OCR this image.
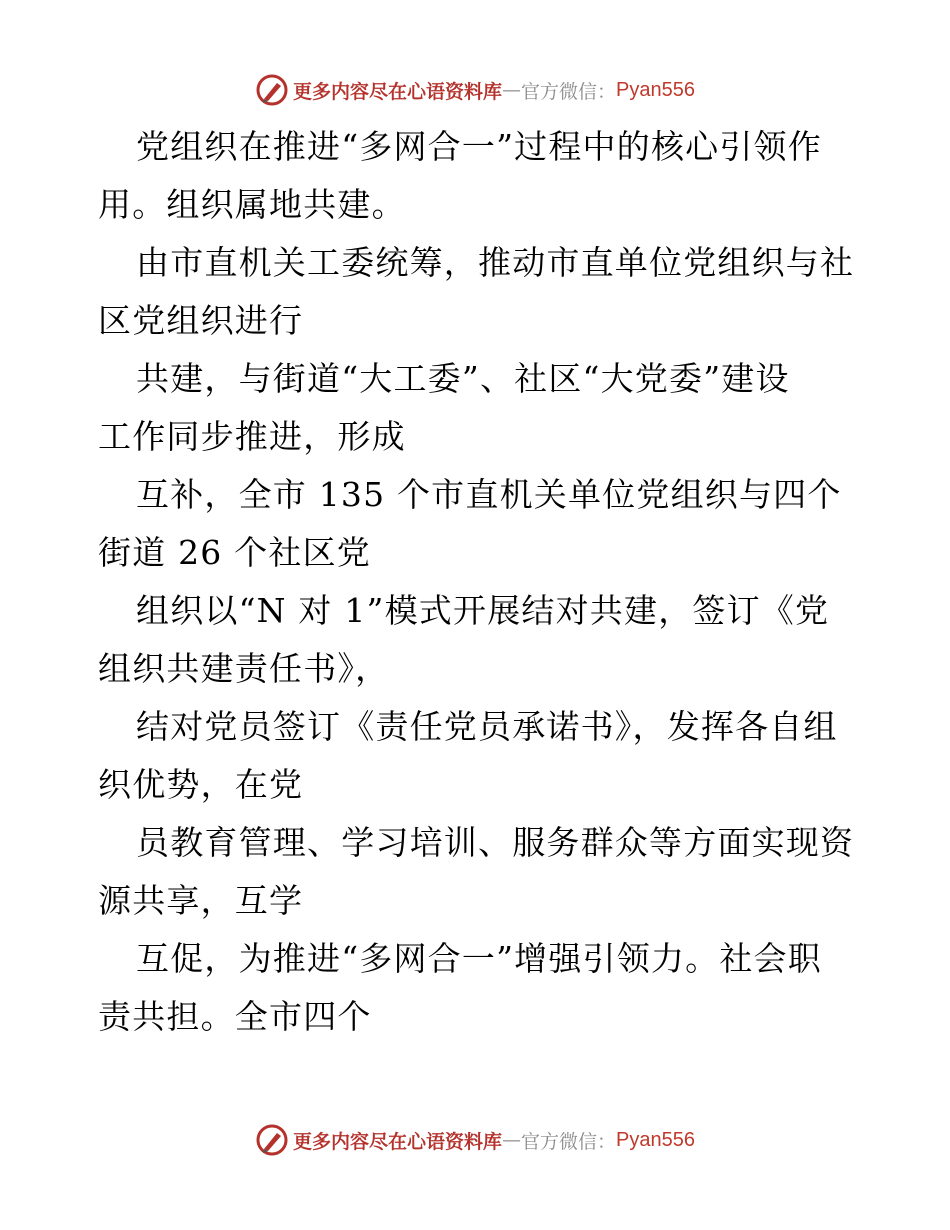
更多内容尽在心语资料库 — 官方微信： Pyan556
党组织在推进“多网合一”过程中的核心引领作
用。组织属地共建。
由市直机关工委统筹，推动市直单位党组织与社
区党组织进行
共建，与街道“大工委”、社区“大党委”建设
工作同步推进，形成
互补，全市 135 个市直机关单位党组织与四个
街道 26 个社区党
组织以“N 对 1”模式开展结对共建，签订《党
组织共建责任书》，
结对党员签订《责任党员承诺书》，发挥各自组
织优势，在党
员教育管理、学习培训、服务群众等方面实现资
源共享，互学
互促，为推进“多网合一”增强引领力。社会职
责共担。全市四个
更多内容尽在心语资料库 — 官方微信： Pyan556
